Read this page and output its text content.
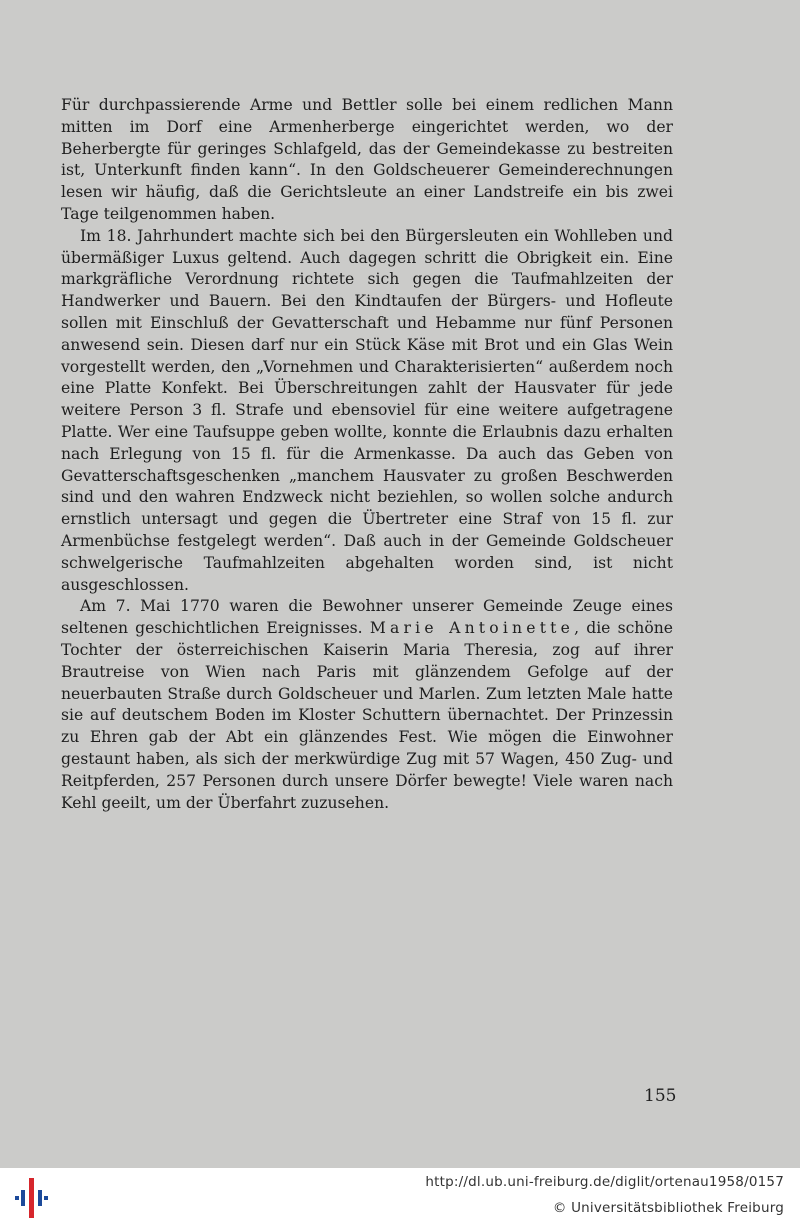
Für durchpassierende Arme und Bettler solle bei einem redlichen Mann mitten im Dorf eine Armenherberge eingerichtet werden, wo der Beherbergte für geringes Schlafgeld, das der Gemeindekasse zu bestreiten ist, Unterkunft finden kann“. In den Goldscheuerer Gemeinderechnungen lesen wir häufig, daß die Gerichtsleute an einer Landstreife ein bis zwei Tage teilgenommen haben.

Im 18. Jahrhundert machte sich bei den Bürgersleuten ein Wohlleben und übermäßiger Luxus geltend. Auch dagegen schritt die Obrigkeit ein. Eine markgräfliche Verordnung richtete sich gegen die Taufmahlzeiten der Handwerker und Bauern. Bei den Kindtaufen der Bürgers- und Hofleute sollen mit Einschluß der Gevatterschaft und Hebamme nur fünf Personen anwesend sein. Diesen darf nur ein Stück Käse mit Brot und ein Glas Wein vorgestellt werden, den „Vornehmen und Charakterisierten“ außerdem noch eine Platte Konfekt. Bei Überschreitungen zahlt der Hausvater für jede weitere Person 3 fl. Strafe und ebensoviel für eine weitere aufgetragene Platte. Wer eine Taufsuppe geben wollte, konnte die Erlaubnis dazu erhalten nach Erlegung von 15 fl. für die Armenkasse. Da auch das Geben von Gevatterschaftsgeschenken „manchem Hausvater zu großen Beschwerden sind und den wahren Endzweck nicht beziehlen, so wollen solche andurch ernstlich untersagt und gegen die Übertreter eine Straf von 15 fl. zur Armenbüchse festgelegt werden“. Daß auch in der Gemeinde Goldscheuer schwelgerische Taufmahlzeiten abgehalten worden sind, ist nicht ausgeschlossen.

Am 7. Mai 1770 waren die Bewohner unserer Gemeinde Zeuge eines seltenen geschichtlichen Ereignisses. Marie Antoinette, die schöne Tochter der österreichischen Kaiserin Maria Theresia, zog auf ihrer Brautreise von Wien nach Paris mit glänzendem Gefolge auf der neuerbauten Straße durch Goldscheuer und Marlen. Zum letzten Male hatte sie auf deutschem Boden im Kloster Schuttern übernachtet. Der Prinzessin zu Ehren gab der Abt ein glänzendes Fest. Wie mögen die Einwohner gestaunt haben, als sich der merkwürdige Zug mit 57 Wagen, 450 Zug- und Reitpferden, 257 Personen durch unsere Dörfer bewegte! Viele waren nach Kehl geeilt, um der Überfahrt zuzusehen.

155
http://dl.ub.uni-freiburg.de/diglit/ortenau1958/0157
© Universitätsbibliothek Freiburg
